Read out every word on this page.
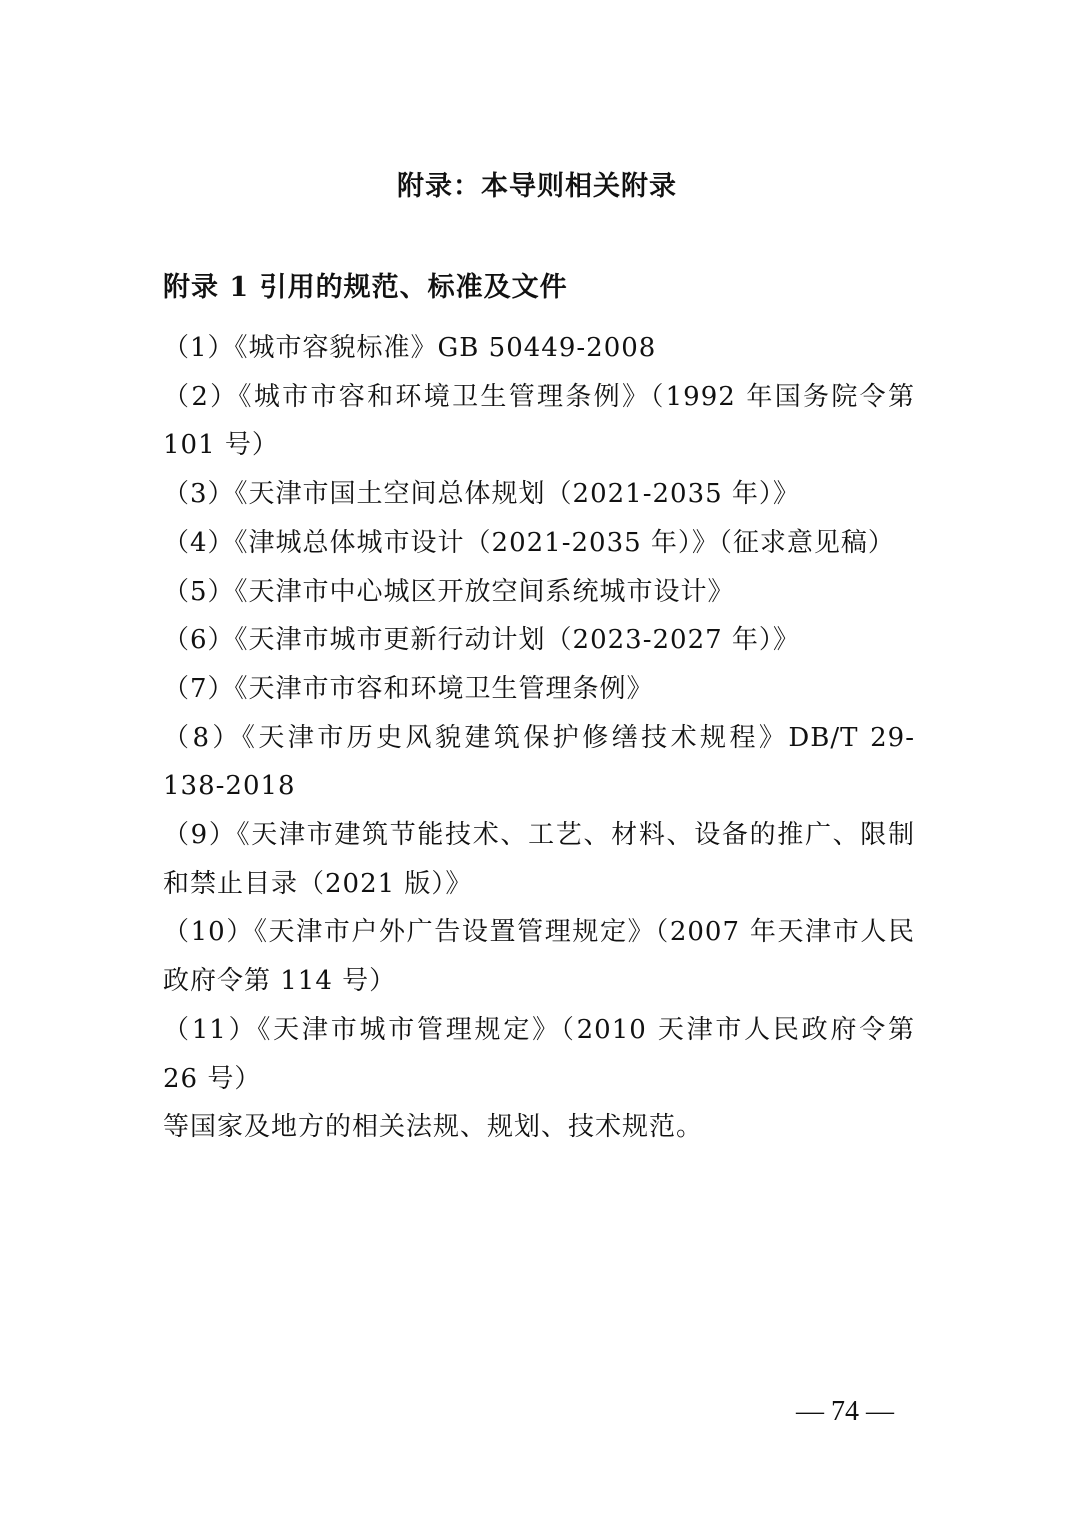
附录：本导则相关附录
附录 1 引用的规范、标准及文件
（1）《城市容貌标准》GB 50449-2008
（2）《城市市容和环境卫生管理条例》（1992 年国务院令第 101 号）
（3）《天津市国土空间总体规划（2021-2035 年）》
（4）《津城总体城市设计（2021-2035 年）》（征求意见稿）
（5）《天津市中心城区开放空间系统城市设计》
（6）《天津市城市更新行动计划（2023-2027 年）》
（7）《天津市市容和环境卫生管理条例》
（8）《天津市历史风貌建筑保护修缮技术规程》DB/T 29-138-2018
（9）《天津市建筑节能技术、工艺、材料、设备的推广、限制和禁止目录（2021 版）》
（10）《天津市户外广告设置管理规定》（2007 年天津市人民政府令第 114 号）
（11）《天津市城市管理规定》（2010 天津市人民政府令第 26 号）
等国家及地方的相关法规、规划、技术规范。
— 74 —
